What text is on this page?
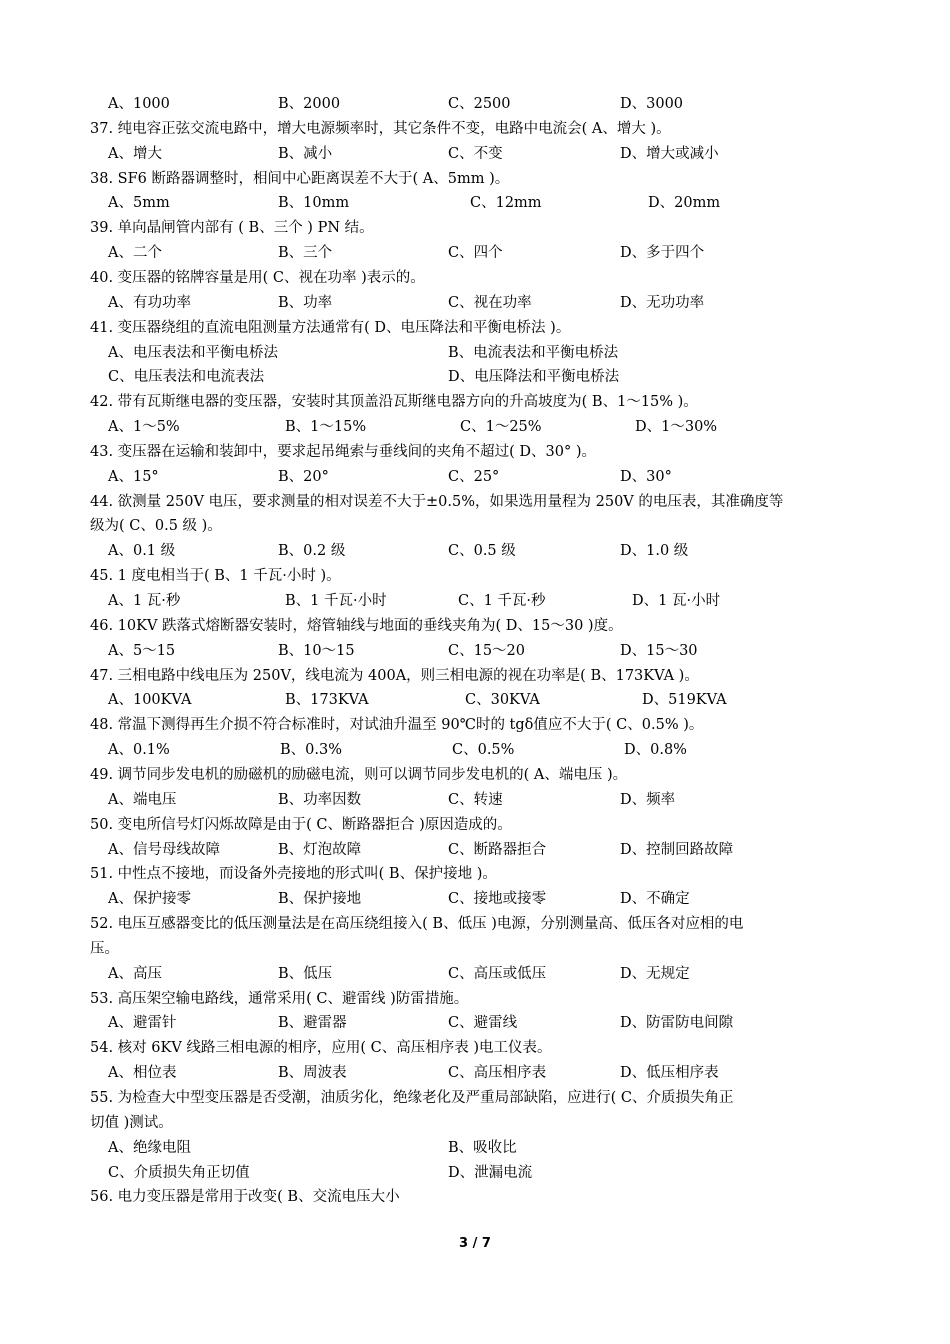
A、1000	B、2000	C、2500	D、3000
37. 纯电容正弦交流电路中，增大电源频率时，其它条件不变，电路中电流会( A、增大 )。
A、增大	B、减小	C、不变	D、增大或减小
38. SF6 断路器调整时，相间中心距离误差不大于( A、5mm )。
A、5mm	B、10mm	C、12mm	D、20mm
39. 单向晶闸管内部有 ( B、三个 ) PN 结。
A、二个	B、三个	C、四个	D、多于四个
40. 变压器的铭牌容量是用( C、视在功率 )表示的。
A、有功功率	B、功率	C、视在功率	D、无功功率
41. 变压器绕组的直流电阻测量方法通常有( D、电压降法和平衡电桥法 )。
A、电压表法和平衡电桥法	B、电流表法和平衡电桥法
C、电压表法和电流表法	D、电压降法和平衡电桥法
42. 带有瓦斯继电器的变压器，安装时其顶盖沿瓦斯继电器方向的升高坡度为( B、1～15% )。
A、1～5%	B、1～15%	C、1～25%	D、1～30%
43. 变压器在运输和装卸中，要求起吊绳索与垂线间的夹角不超过( D、30° )。
A、15°	B、20°	C、25°	D、30°
44. 欲测量 250V 电压，要求测量的相对误差不大于±0.5%，如果选用量程为 250V 的电压表，其准确度等
级为( C、0.5 级 )。
A、0.1 级	B、0.2 级	C、0.5 级	D、1.0 级
45. 1 度电相当于( B、1 千瓦·小时 )。
A、1 瓦·秒	B、1 千瓦·小时	C、1 千瓦·秒	D、1 瓦·小时
46. 10KV 跌落式熔断器安装时，熔管轴线与地面的垂线夹角为( D、15～30 )度。
A、5～15	B、10～15	C、15～20	D、15～30
47. 三相电路中线电压为 250V，线电流为 400A，则三相电源的视在功率是( B、173KVA )。
A、100KVA	B、173KVA	C、30KVA	D、519KVA
48. 常温下测得再生介损不符合标准时，对试油升温至 90℃时的 tgδ值应不大于( C、0.5% )。
A、0.1%	B、0.3%	C、0.5%	D、0.8%
49. 调节同步发电机的励磁机的励磁电流，则可以调节同步发电机的( A、端电压 )。
A、端电压	B、功率因数	C、转速	D、频率
50. 变电所信号灯闪烁故障是由于( C、断路器拒合 )原因造成的。
A、信号母线故障	B、灯泡故障	C、断路器拒合	D、控制回路故障
51. 中性点不接地，而设备外壳接地的形式叫( B、保护接地 )。
A、保护接零	B、保护接地	C、接地或接零	D、不确定
52. 电压互感器变比的低压测量法是在高压绕组接入( B、低压 )电源，分别测量高、低压各对应相的电
压。
A、高压	B、低压	C、高压或低压	D、无规定
53. 高压架空输电路线，通常采用( C、避雷线 )防雷措施。
A、避雷针	B、避雷器	C、避雷线	D、防雷防电间隙
54. 核对 6KV 线路三相电源的相序，应用( C、高压相序表 )电工仪表。
A、相位表	B、周波表	C、高压相序表	D、低压相序表
55. 为检查大中型变压器是否受潮，油质劣化，绝缘老化及严重局部缺陷，应进行( C、介质损失角正
切值 )测试。
A、绝缘电阻	B、吸收比
C、介质损失角正切值	D、泄漏电流
56. 电力变压器是常用于改变( B、交流电压大小
3 / 7
